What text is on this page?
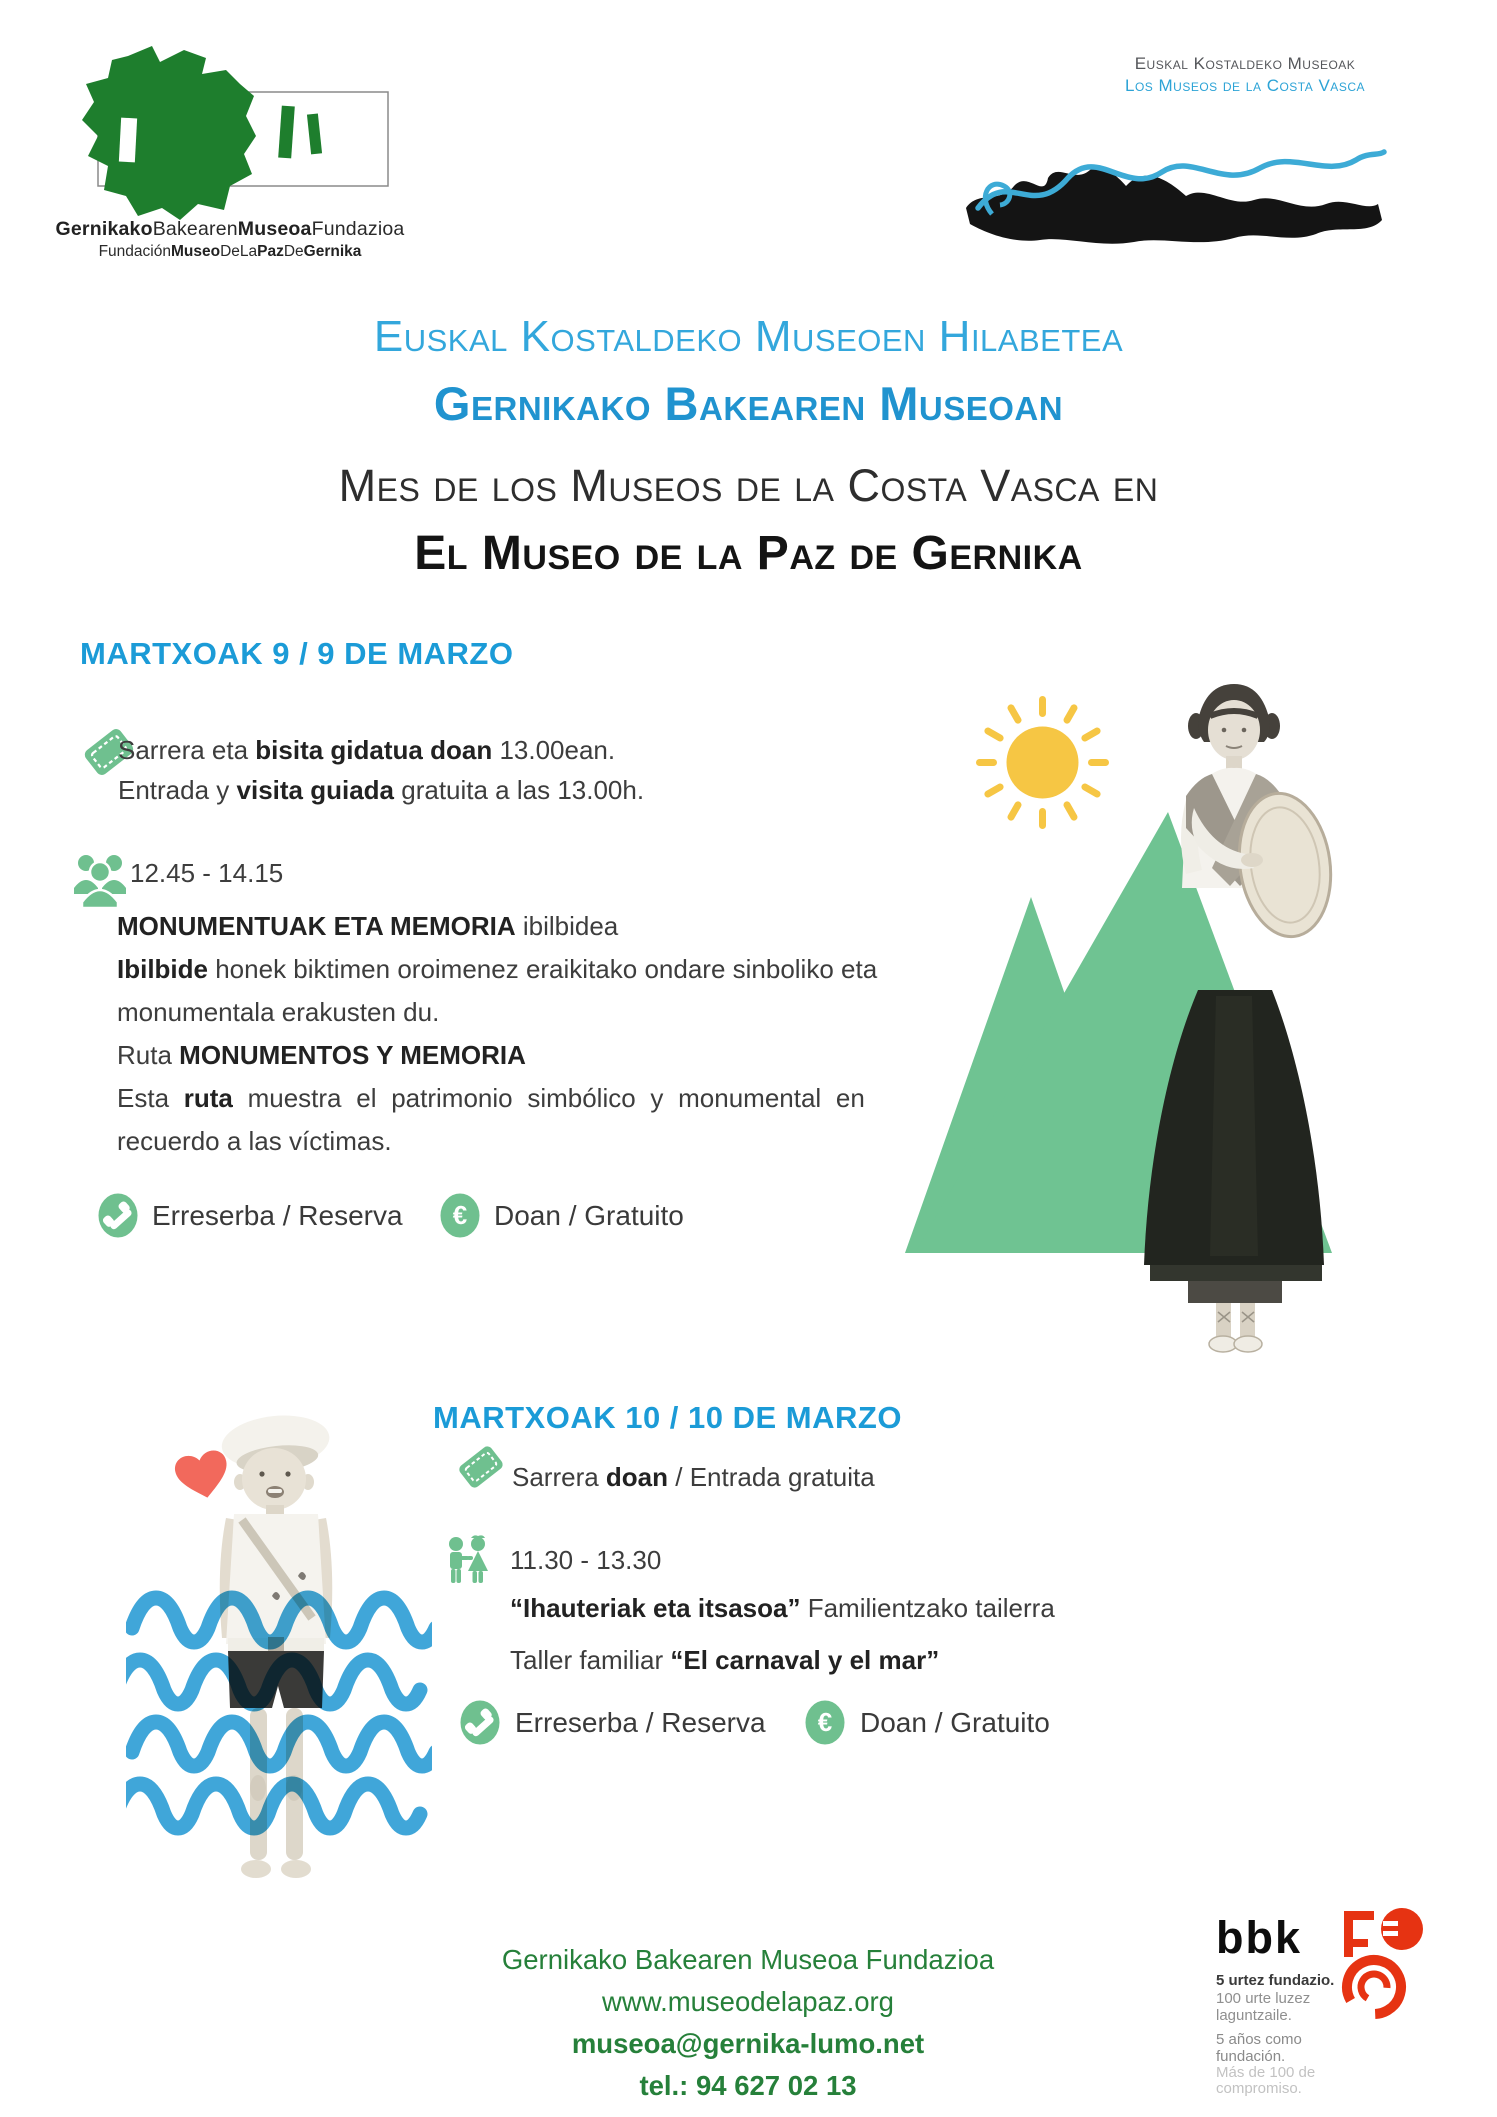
GernikakoBakearenMuseoaFundazioa
FundaciónMuseoDeLaPazDeGernika
Euskal Kostaldeko Museoak
Los Museos de la Costa Vasca
Euskal Kostaldeko Museoen Hilabetea
Gernikako Bakearen Museoan
Mes de los Museos de la Costa Vasca en
El Museo de la Paz de Gernika
MARTXOAK 9 / 9 DE MARZO
Sarrera eta bisita gidatua doan 13.00ean.
Entrada y visita guiada gratuita a las 13.00h.
12.45 - 14.15
MONUMENTUAK ETA MEMORIA ibilbidea
Ibilbide honek biktimen oroimenez eraikitako ondare sinboliko eta
monumentala erakusten du.
Ruta MONUMENTOS Y MEMORIA
Esta ruta muestra el patrimonio simbólico y monumental en
recuerdo a las víctimas.
Erreserba / Reserva € Doan / Gratuito
MARTXOAK 10 / 10 DE MARZO
Sarrera doan / Entrada gratuita
11.30 - 13.30
“Ihauteriak eta itsasoa” Familientzako tailerra
Taller familiar “El carnaval y el mar”
Erreserba / Reserva € Doan / Gratuito
Gernikako Bakearen Museoa Fundazioa
www.museodelapaz.org
museoa@gernika-lumo.net
tel.: 94 627 02 13
bbk
5 urtez fundazio.
100 urte luzez
laguntzaile.
5 años como
fundación.
Más de 100 de
compromiso.
